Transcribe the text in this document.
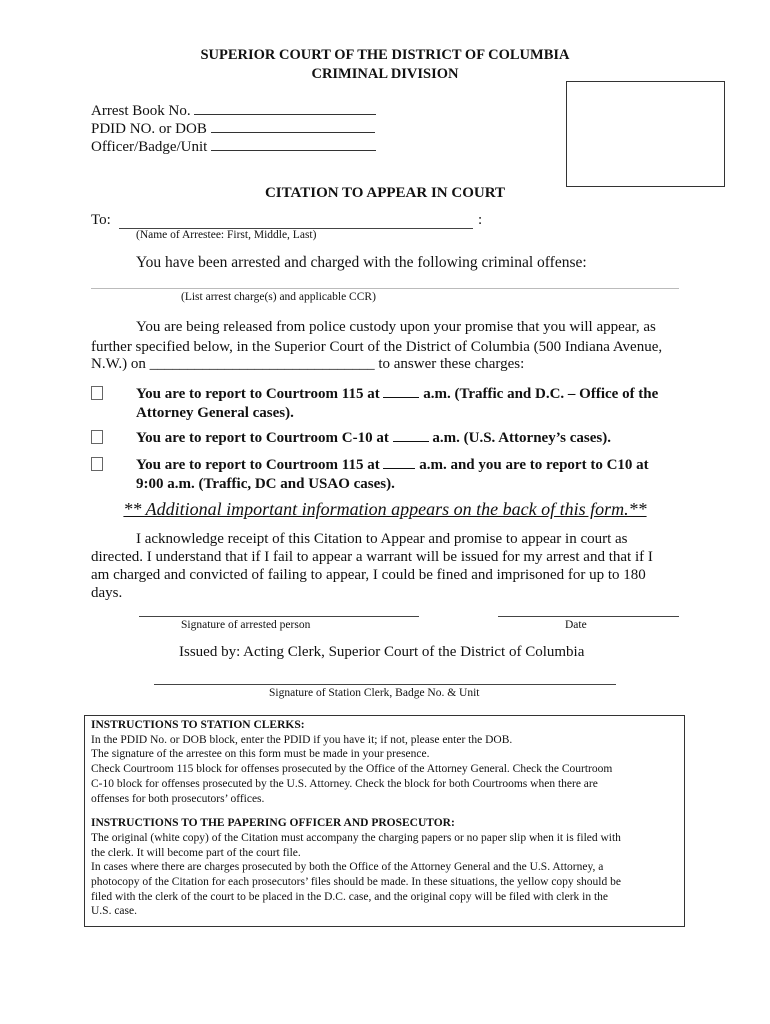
SUPERIOR COURT OF THE DISTRICT OF COLUMBIA
CRIMINAL DIVISION
Arrest Book No.
PDID NO. or DOB
Officer/Badge/Unit
CITATION TO APPEAR IN COURT
To:	:
(Name of Arrestee: First, Middle, Last)
You have been arrested and charged with the following criminal offense:
(List arrest charge(s) and applicable CCR)
You are being released from police custody upon your promise that you will appear, as
further specified below, in the Superior Court of the District of Columbia (500 Indiana Avenue,
N.W.) on ______________________________ to answer these charges:
You are to report to Courtroom 115 at	a.m. (Traffic and D.C. – Office of the
Attorney General cases).
You are to report to Courtroom C-10 at	a.m. (U.S. Attorney’s cases).
You are to report to Courtroom 115 at	a.m. and you are to report to C10 at
9:00 a.m. (Traffic, DC and USAO cases).
** Additional important information appears on the back of this form.**
I acknowledge receipt of this Citation to Appear and promise to appear in court as
directed. I understand that if I fail to appear a warrant will be issued for my arrest and that if I
am charged and convicted of failing to appear, I could be fined and imprisoned for up to 180
days.
Signature of arrested person	Date
Issued by: Acting Clerk, Superior Court of the District of Columbia
Signature of Station Clerk, Badge No. & Unit

INSTRUCTIONS TO STATION CLERKS:

In the PDID No. or DOB block, enter the PDID if you have it; if not, please enter the DOB.

The signature of the arrestee on this form must be made in your presence.

Check Courtroom 115 block for offenses prosecuted by the Office of the Attorney General. Check the Courtroom

C-10 block for offenses prosecuted by the U.S. Attorney. Check the block for both Courtrooms when there are

offenses for both prosecutors’ offices.

INSTRUCTIONS TO THE PAPERING OFFICER AND PROSECUTOR:

The original (white copy) of the Citation must accompany the charging papers or no paper slip when it is filed with

the clerk. It will become part of the court file.

In cases where there are charges prosecuted by both the Office of the Attorney General and the U.S. Attorney, a

photocopy of the Citation for each prosecutors’ files should be made. In these situations, the yellow copy should be

filed with the clerk of the court to be placed in the D.C. case, and the original copy will be filed with clerk in the

U.S. case.
